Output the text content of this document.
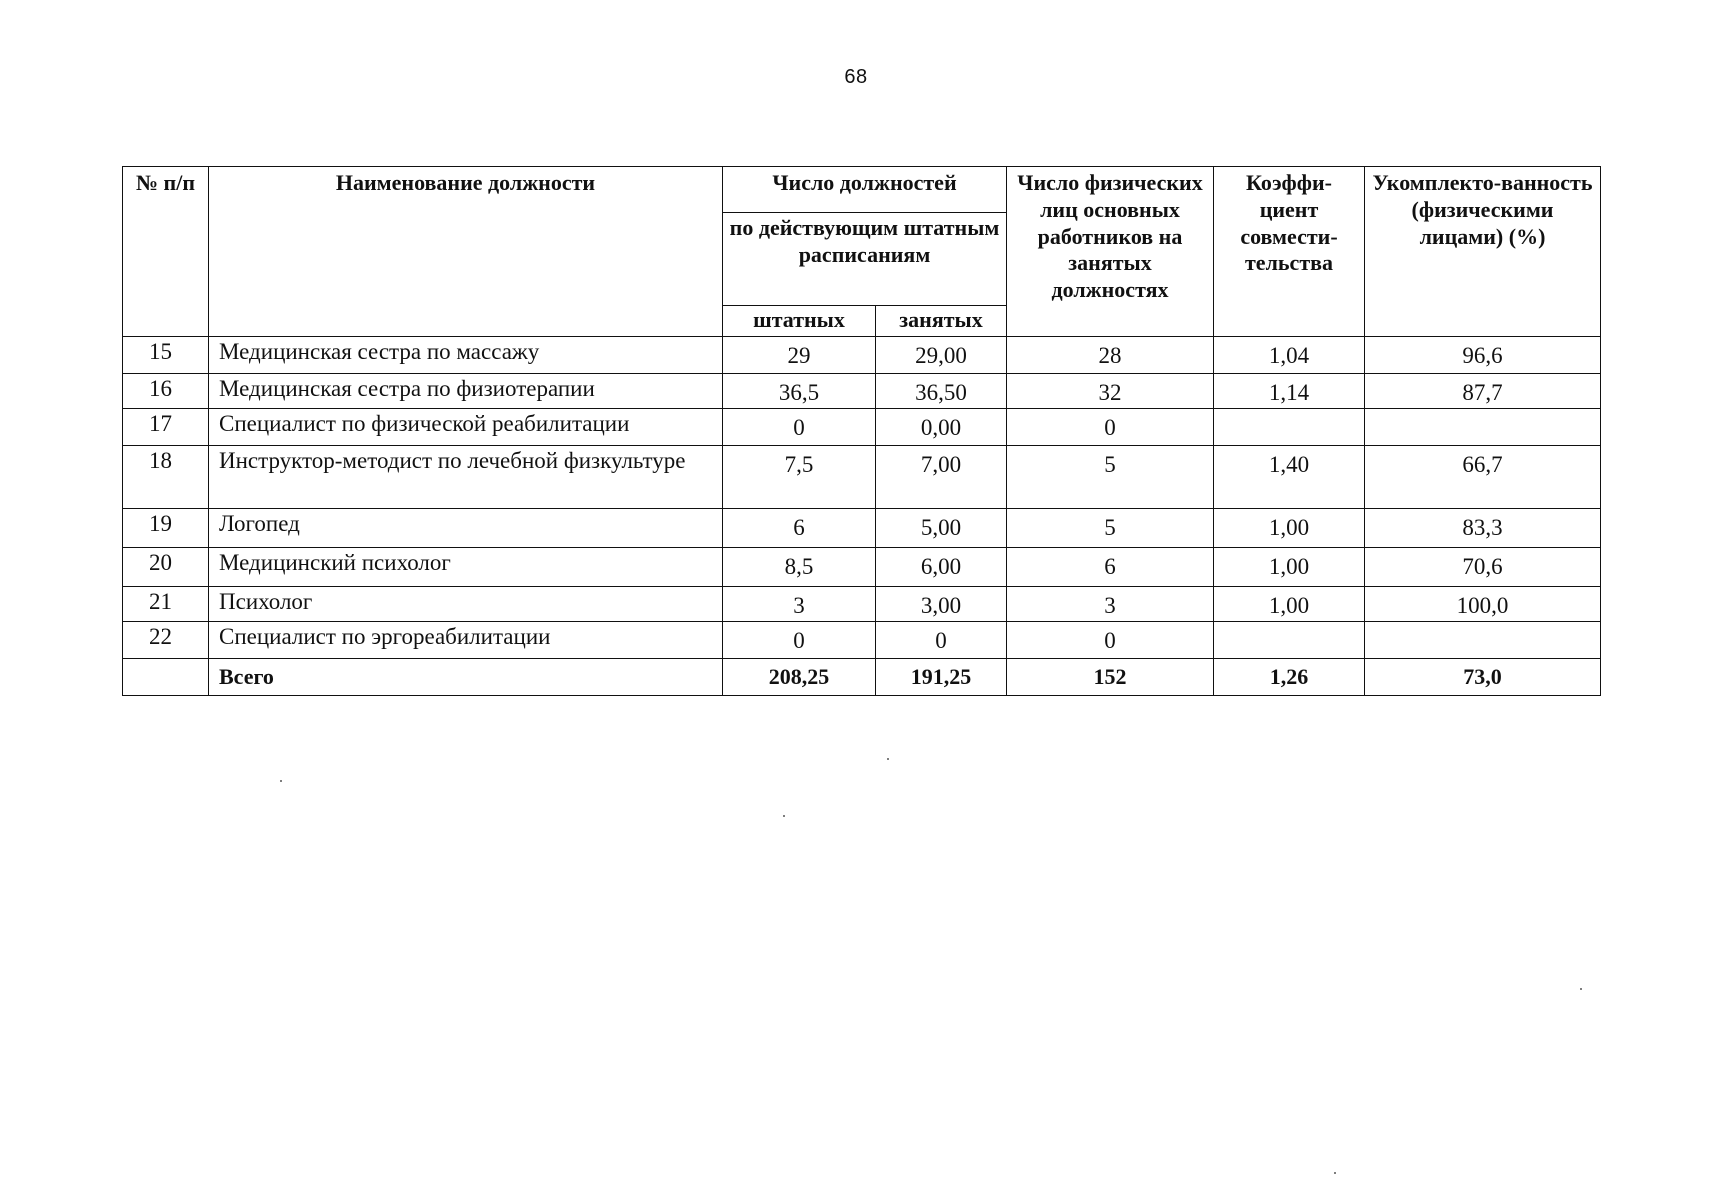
68
№ п/п	Наименование должности	Число должностей		Число физических лиц основных работников на занятых должностях	Коэффи-циент совмести-тельства	Укомплекто-ванность (физическими лицами) (%)
		по действующим штатным расписаниям				
		штатных	занятых			
15	Медицинская сестра по массажу	29	29,00	28	1,04	96,6
16	Медицинская сестра по физиотерапии	36,5	36,50	32	1,14	87,7
17	Специалист по физической реабилитации	0	0,00	0		
18	Инструктор-методист по лечебной физкультуре	7,5	7,00	5	1,40	66,7
19	Логопед	6	5,00	5	1,00	83,3
20	Медицинский психолог	8,5	6,00	6	1,00	70,6
21	Психолог	3	3,00	3	1,00	100,0
22	Специалист по эргореабилитации	0	0	0		
	Всего	208,25	191,25	152	1,26	73,0
